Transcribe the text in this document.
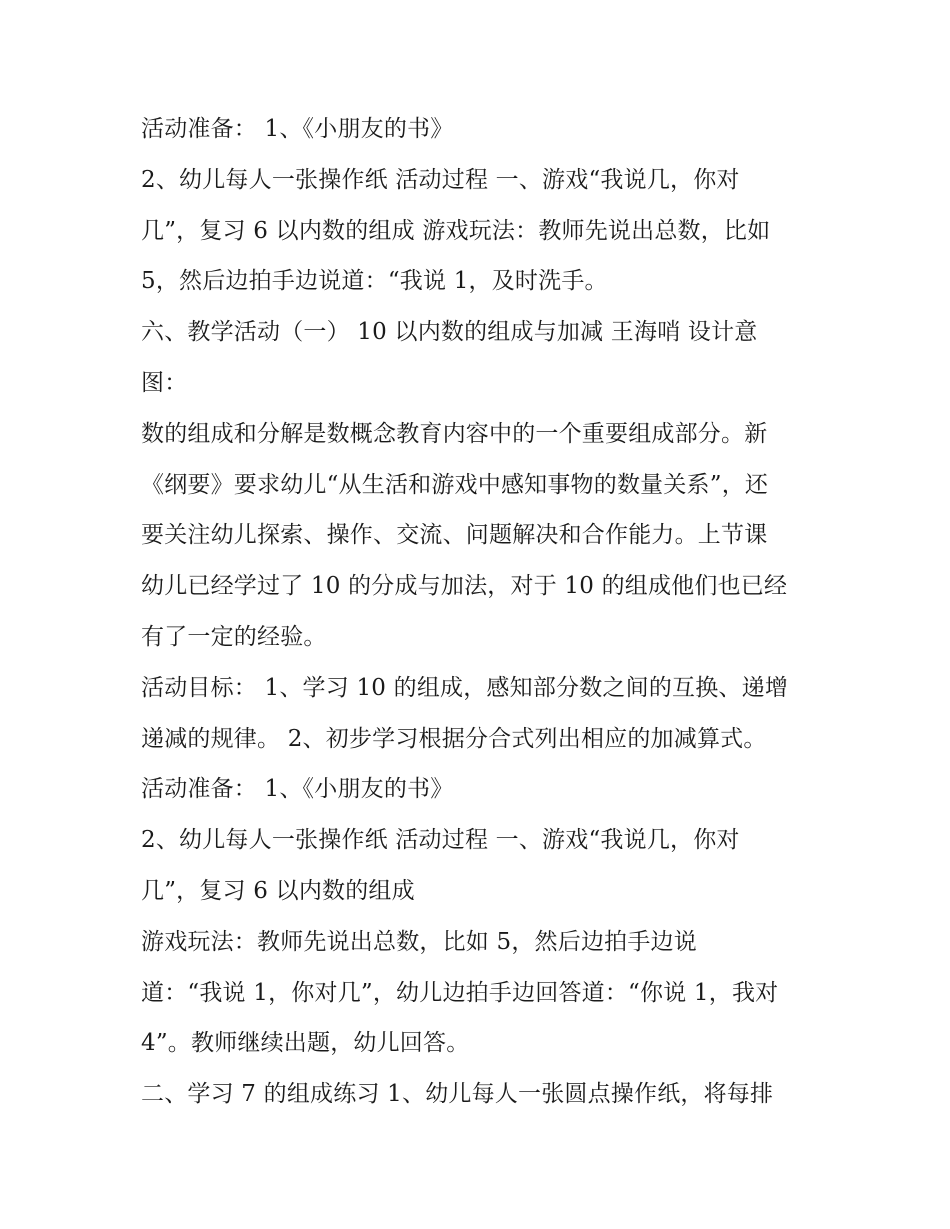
活动准备： 1、《小朋友的书》
2、幼儿每人一张操作纸 活动过程 一、游戏“我说几，你对
几”，复习 6 以内数的组成 游戏玩法：教师先说出总数，比如
5，然后边拍手边说道：“我说 1，及时洗手。
六、教学活动（一） 10 以内数的组成与加减 王海哨 设计意
图：
数的组成和分解是数概念教育内容中的一个重要组成部分。新
《纲要》要求幼儿“从生活和游戏中感知事物的数量关系”，还
要关注幼儿探索、操作、交流、问题解决和合作能力。上节课
幼儿已经学过了 10 的分成与加法，对于 10 的组成他们也已经
有了一定的经验。
活动目标： 1、学习 10 的组成，感知部分数之间的互换、递增
递减的规律。 2、初步学习根据分合式列出相应的加减算式。
活动准备： 1、《小朋友的书》
2、幼儿每人一张操作纸 活动过程 一、游戏“我说几，你对
几”，复习 6 以内数的组成
游戏玩法：教师先说出总数，比如 5，然后边拍手边说
道：“我说 1，你对几”，幼儿边拍手边回答道：“你说 1，我对
4”。教师继续出题，幼儿回答。
二、学习 7 的组成练习 1、幼儿每人一张圆点操作纸，将每排
